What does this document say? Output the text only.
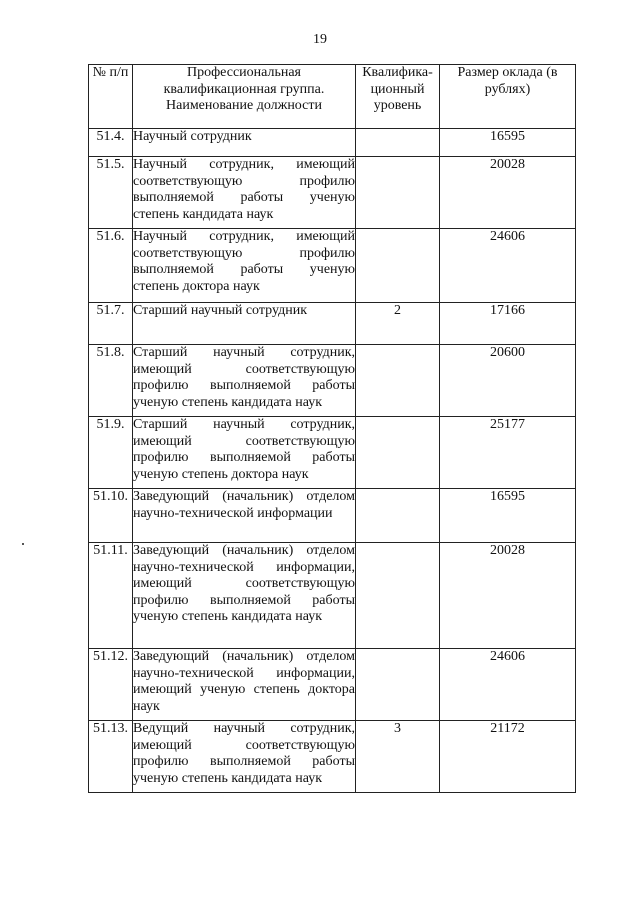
19
№ п/п	Профессиональная квалификационная группа. Наименование должности	Квалифика-ционный уровень	Размер оклада (в рублях)

51.4.	Научный сотрудник		16595
51.5.	Научный сотрудник, имеющий соответствующую профилю выполняемой работы ученую степень кандидата наук		20028
51.6.	Научный сотрудник, имеющий соответствующую профилю выполняемой работы ученую степень доктора наук		24606
51.7.	Старший научный сотрудник	2	17166
51.8.	Старший научный сотрудник, имеющий соответствующую профилю выполняемой работы ученую степень кандидата наук		20600
51.9.	Старший научный сотрудник, имеющий соответствующую профилю выполняемой работы ученую степень доктора наук		25177
51.10.	Заведующий (начальник) отделом научно-технической информации		16595
51.11.	Заведующий (начальник) отделом научно-технической информации, имеющий соответствующую профилю выполняемой работы ученую степень кандидата наук		20028
51.12.	Заведующий (начальник) отделом научно-технической информации, имеющий ученую степень доктора наук		24606
51.13.	Ведущий научный сотрудник, имеющий соответствующую профилю выполняемой работы ученую степень кандидата наук	3	21172
